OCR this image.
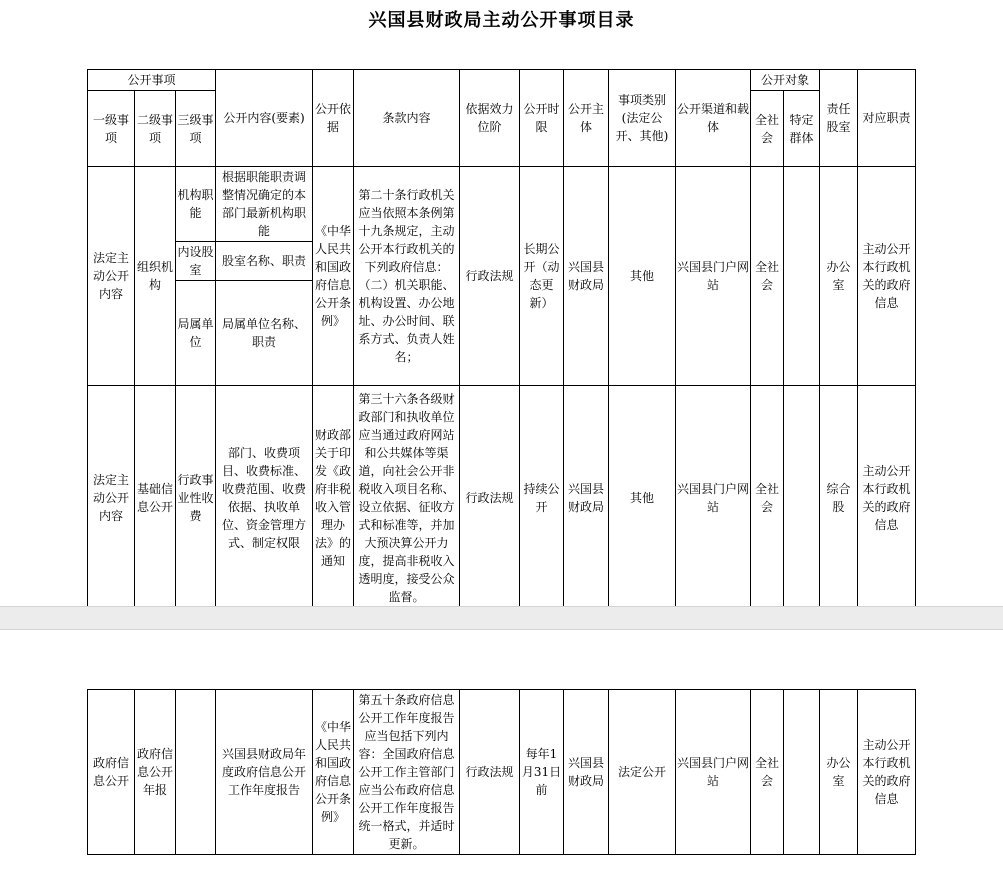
兴国县财政局主动公开事项目录
公开事项			公开内容(要素)	公开依据	条款内容	依据效力位阶	公开时限	公开主体	事项类别(法定公开、其他)	公开渠道和载体	公开对象		责任股室	对应职责
一级事项	二级事项	三级事项									全社会	特定群体		
法定主动公开内容	组织机构	机构职能	根据职能职责调整情况确定的本部门最新机构职能	《中华人民共和国政府信息公开条例》	第二十条行政机关应当依照本条例第十九条规定，主动公开本行政机关的下列政府信息：（二）机关职能、机构设置、办公地址、办公时间、联系方式、负责人姓名；	行政法规	长期公开（动态更新）	兴国县财政局	其他	兴国县门户网站	全社会		办公室	主动公开本行政机关的政府信息
		内设股室	股室名称、职责											
		局属单位	局属单位名称、职责											
法定主动公开内容	基础信息公开	行政事业性收费	部门、收费项目、收费标准、收费范围、收费依据、执收单位、资金管理方式、制定权限	财政部关于印发《政府非税收入管理办法》的通知	第三十六条各级财政部门和执收单位应当通过政府网站和公共媒体等渠道，向社会公开非税收入项目名称、设立依据、征收方式和标准等，并加大预决算公开力度，提高非税收入透明度，接受公众监督。	行政法规	持续公开	兴国县财政局	其他	兴国县门户网站	全社会		综合股	主动公开本行政机关的政府信息
政府信息公开	政府信息公开年报		兴国县财政局年度政府信息公开工作年度报告	《中华人民共和国政府信息公开条例》	第五十条政府信息公开工作年度报告应当包括下列内容：全国政府信息公开工作主管部门应当公布政府信息公开工作年度报告统一格式，并适时更新。	行政法规	每年1月31日前	兴国县财政局	法定公开	兴国县门户网站	全社会		办公室	主动公开本行政机关的政府信息
